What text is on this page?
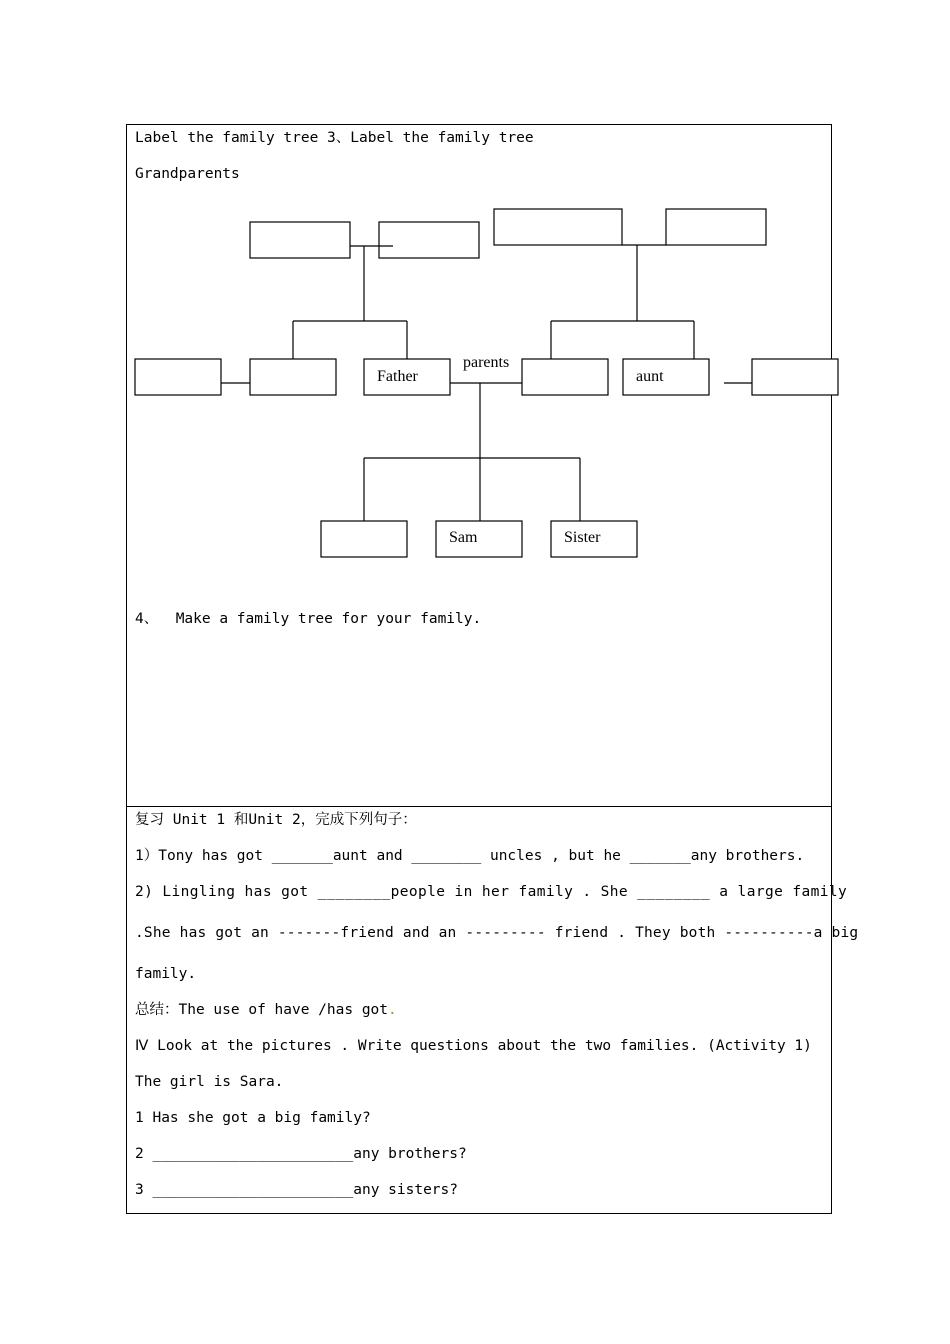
Label the family tree 3、Label the family tree
Grandparents
Father
parents
aunt
Sam	Sister
4、  Make a family tree for your family.
复习 Unit 1 和Unit 2，完成下列句子：
1）Tony has got _______aunt and ________ uncles , but he _______any brothers.
2) Lingling has got ________people in her family . She ________ a large family
.She has got an -------friend and an --------- friend . They both ----------a big
family.
总结：The use of have /has got.
Ⅳ Look at the pictures . Write questions about the two families. (Activity 1)
The girl is Sara.
1 Has she got a big family?
2 _______________________any brothers?
3 _______________________any sisters?
